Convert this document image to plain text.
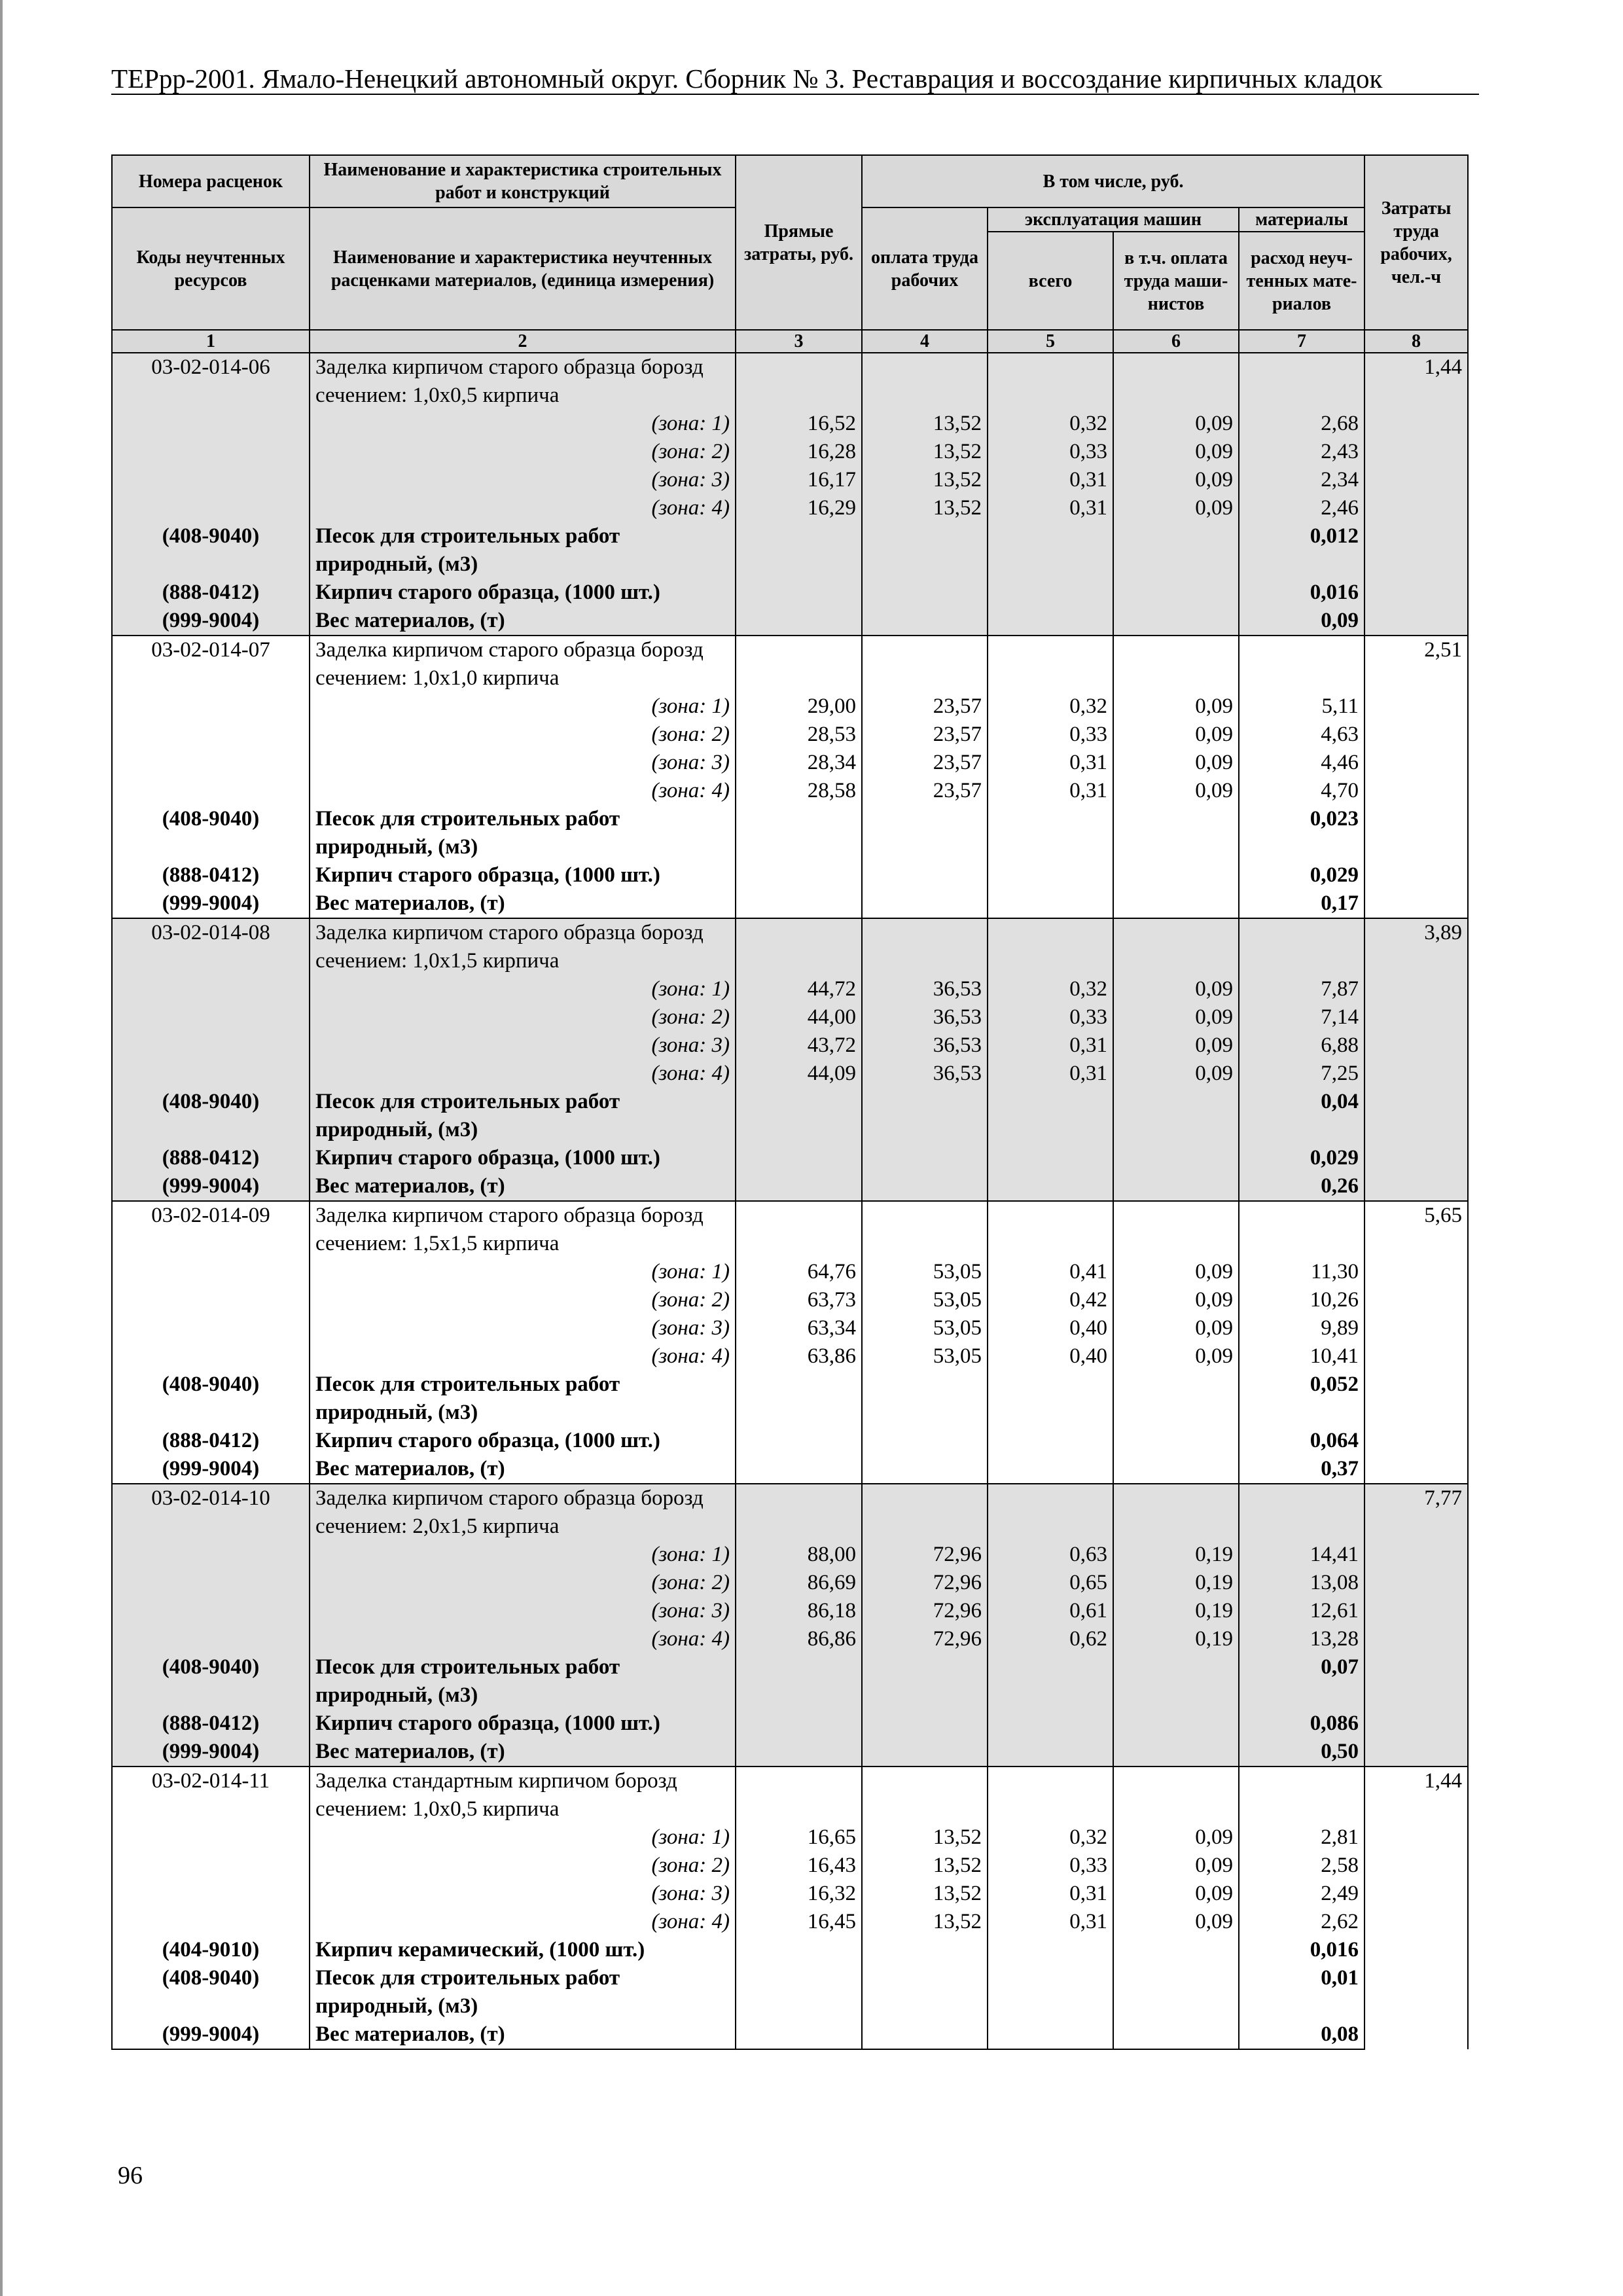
ТЕРрр-2001. Ямало-Ненецкий автономный округ. Сборник № 3. Реставрация и воссоздание кирпичных кладок
Номера расценок	Наименование и характеристика строительных работ и конструкций	Прямые затраты, руб.	В том числе, руб.				Затраты труда рабочих, чел.-ч
Коды неучтенных ресурсов	Наименование и характеристика неучтенных расценками материалов, (единица измерения)		оплата труда рабочих	эксплуатация машин		материалы	
				всего	в т.ч. оплата труда маши-нистов	расход неуч-тенных мате-риалов	

1	2	3	4	5	6	7	8
03-02-014-06	Заделка кирпичом старого образца борозд сечением: 1,0х0,5 кирпича						1,44
	(зона: 1)	16,52	13,52	0,32	0,09	2,68	
	(зона: 2)	16,28	13,52	0,33	0,09	2,43	
	(зона: 3)	16,17	13,52	0,31	0,09	2,34	
	(зона: 4)	16,29	13,52	0,31	0,09	2,46	
(408-9040)	Песок для строительных работ природный, (м3)					0,012	
(888-0412)	Кирпич старого образца, (1000 шт.)					0,016	
(999-9004)	Вес материалов, (т)					0,09	
03-02-014-07	Заделка кирпичом старого образца борозд сечением: 1,0х1,0 кирпича						2,51
	(зона: 1)	29,00	23,57	0,32	0,09	5,11	
	(зона: 2)	28,53	23,57	0,33	0,09	4,63	
	(зона: 3)	28,34	23,57	0,31	0,09	4,46	
	(зона: 4)	28,58	23,57	0,31	0,09	4,70	
(408-9040)	Песок для строительных работ природный, (м3)					0,023	
(888-0412)	Кирпич старого образца, (1000 шт.)					0,029	
(999-9004)	Вес материалов, (т)					0,17	
03-02-014-08	Заделка кирпичом старого образца борозд сечением: 1,0х1,5 кирпича						3,89
	(зона: 1)	44,72	36,53	0,32	0,09	7,87	
	(зона: 2)	44,00	36,53	0,33	0,09	7,14	
	(зона: 3)	43,72	36,53	0,31	0,09	6,88	
	(зона: 4)	44,09	36,53	0,31	0,09	7,25	
(408-9040)	Песок для строительных работ природный, (м3)					0,04	
(888-0412)	Кирпич старого образца, (1000 шт.)					0,029	
(999-9004)	Вес материалов, (т)					0,26	
03-02-014-09	Заделка кирпичом старого образца борозд сечением: 1,5х1,5 кирпича						5,65
	(зона: 1)	64,76	53,05	0,41	0,09	11,30	
	(зона: 2)	63,73	53,05	0,42	0,09	10,26	
	(зона: 3)	63,34	53,05	0,40	0,09	9,89	
	(зона: 4)	63,86	53,05	0,40	0,09	10,41	
(408-9040)	Песок для строительных работ природный, (м3)					0,052	
(888-0412)	Кирпич старого образца, (1000 шт.)					0,064	
(999-9004)	Вес материалов, (т)					0,37	
03-02-014-10	Заделка кирпичом старого образца борозд сечением: 2,0х1,5 кирпича						7,77
	(зона: 1)	88,00	72,96	0,63	0,19	14,41	
	(зона: 2)	86,69	72,96	0,65	0,19	13,08	
	(зона: 3)	86,18	72,96	0,61	0,19	12,61	
	(зона: 4)	86,86	72,96	0,62	0,19	13,28	
(408-9040)	Песок для строительных работ природный, (м3)					0,07	
(888-0412)	Кирпич старого образца, (1000 шт.)					0,086	
(999-9004)	Вес материалов, (т)					0,50	
03-02-014-11	Заделка стандартным кирпичом борозд сечением: 1,0х0,5 кирпича						1,44
	(зона: 1)	16,65	13,52	0,32	0,09	2,81	
	(зона: 2)	16,43	13,52	0,33	0,09	2,58	
	(зона: 3)	16,32	13,52	0,31	0,09	2,49	
	(зона: 4)	16,45	13,52	0,31	0,09	2,62	
(404-9010)	Кирпич керамический, (1000 шт.)					0,016	
(408-9040)	Песок для строительных работ природный, (м3)					0,01	
(999-9004)	Вес материалов, (т)					0,08	
96
